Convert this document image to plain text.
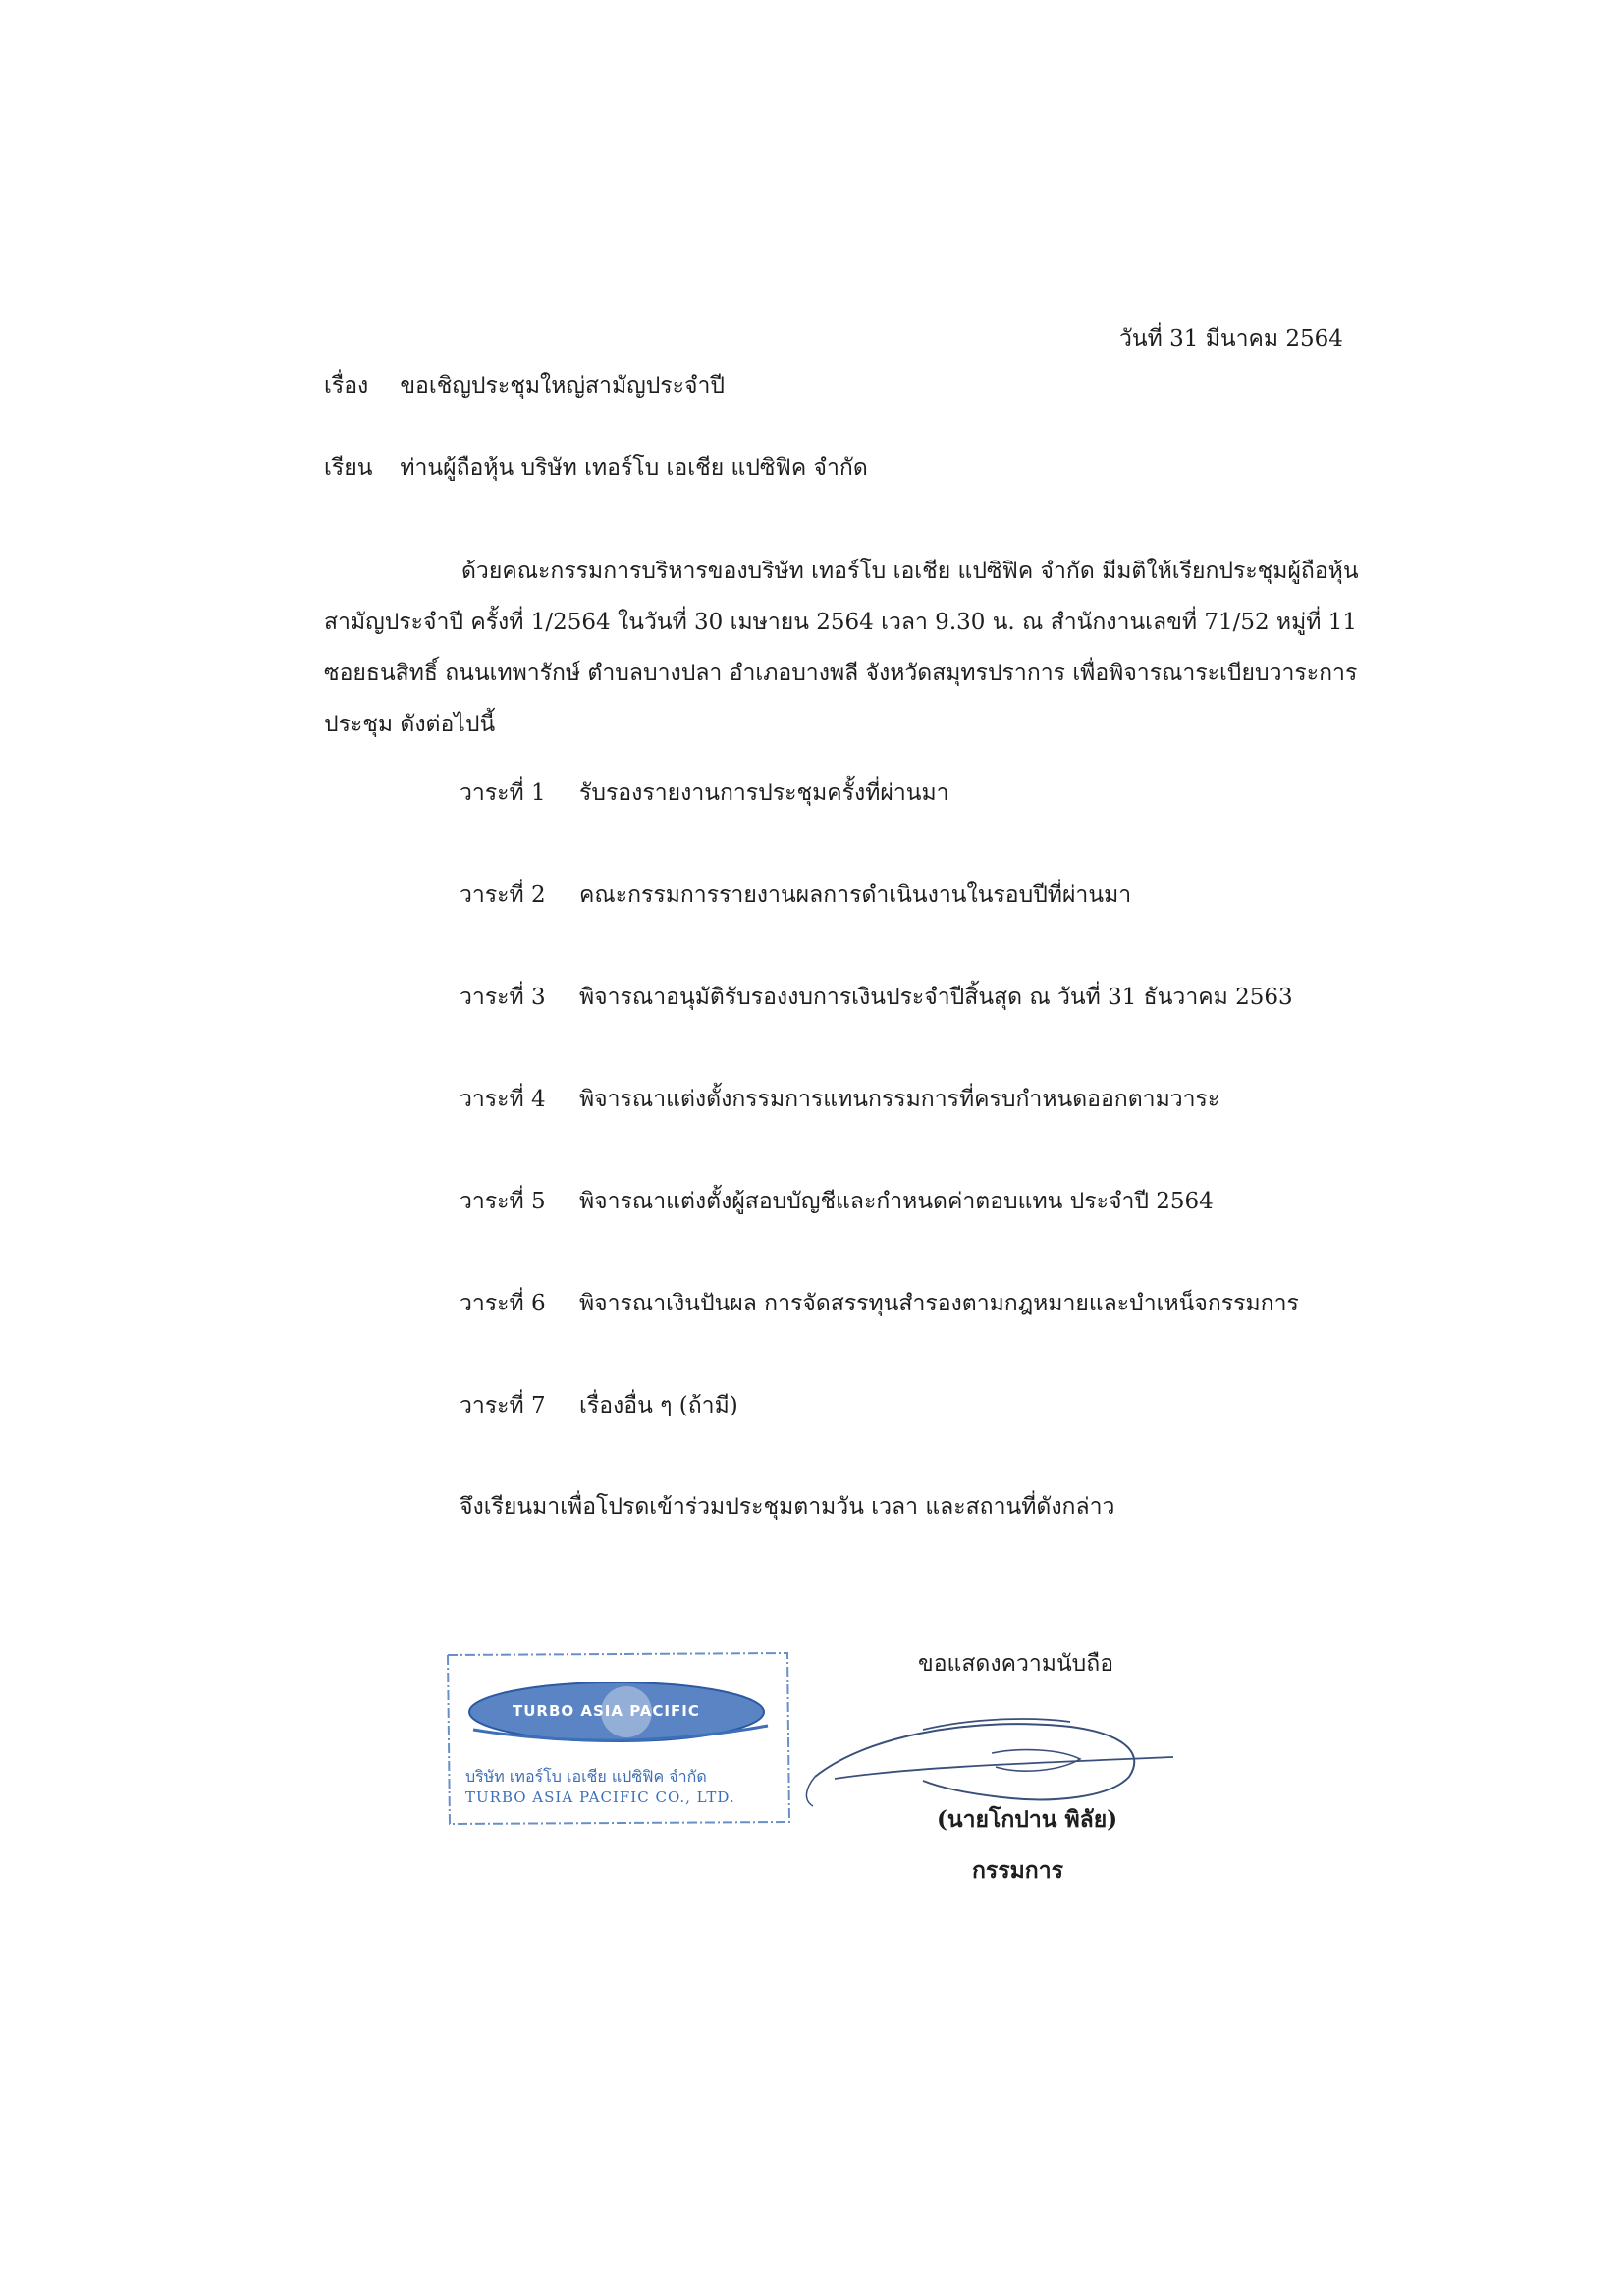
วันที่ 31 มีนาคม 2564
เรื่อง ขอเชิญประชุมใหญ่สามัญประจำปี
เรียน ท่านผู้ถือหุ้น บริษัท เทอร์โบ เอเชีย แปซิฟิค จำกัด
ด้วยคณะกรรมการบริหารของบริษัท เทอร์โบ เอเชีย แปซิฟิค จำกัด มีมติให้เรียกประชุมผู้ถือหุ้น
สามัญประจำปี ครั้งที่ 1/2564 ในวันที่ 30 เมษายน 2564 เวลา 9.30 น. ณ สำนักงานเลขที่ 71/52 หมู่ที่ 11
ซอยธนสิทธิ์ ถนนเทพารักษ์ ตำบลบางปลา อำเภอบางพลี จังหวัดสมุทรปราการ เพื่อพิจารณาระเบียบวาระการ
ประชุม ดังต่อไปนี้
วาระที่ 1 รับรองรายงานการประชุมครั้งที่ผ่านมา
วาระที่ 2 คณะกรรมการรายงานผลการดำเนินงานในรอบปีที่ผ่านมา
วาระที่ 3 พิจารณาอนุมัติรับรองงบการเงินประจำปีสิ้นสุด ณ วันที่ 31 ธันวาคม 2563
วาระที่ 4 พิจารณาแต่งตั้งกรรมการแทนกรรมการที่ครบกำหนดออกตามวาระ
วาระที่ 5 พิจารณาแต่งตั้งผู้สอบบัญชีและกำหนดค่าตอบแทน ประจำปี 2564
วาระที่ 6 พิจารณาเงินปันผล การจัดสรรทุนสำรองตามกฎหมายและบำเหน็จกรรมการ
วาระที่ 7 เรื่องอื่น ๆ (ถ้ามี)
จึงเรียนมาเพื่อโปรดเข้าร่วมประชุมตามวัน เวลา และสถานที่ดังกล่าว
ขอแสดงความนับถือ
TURBO ASIA PACIFIC
บริษัท เทอร์โบ เอเชีย แปซิฟิค จำกัด
TURBO ASIA PACIFIC CO., LTD.
(นายโกปาน พิลัย)
กรรมการ
